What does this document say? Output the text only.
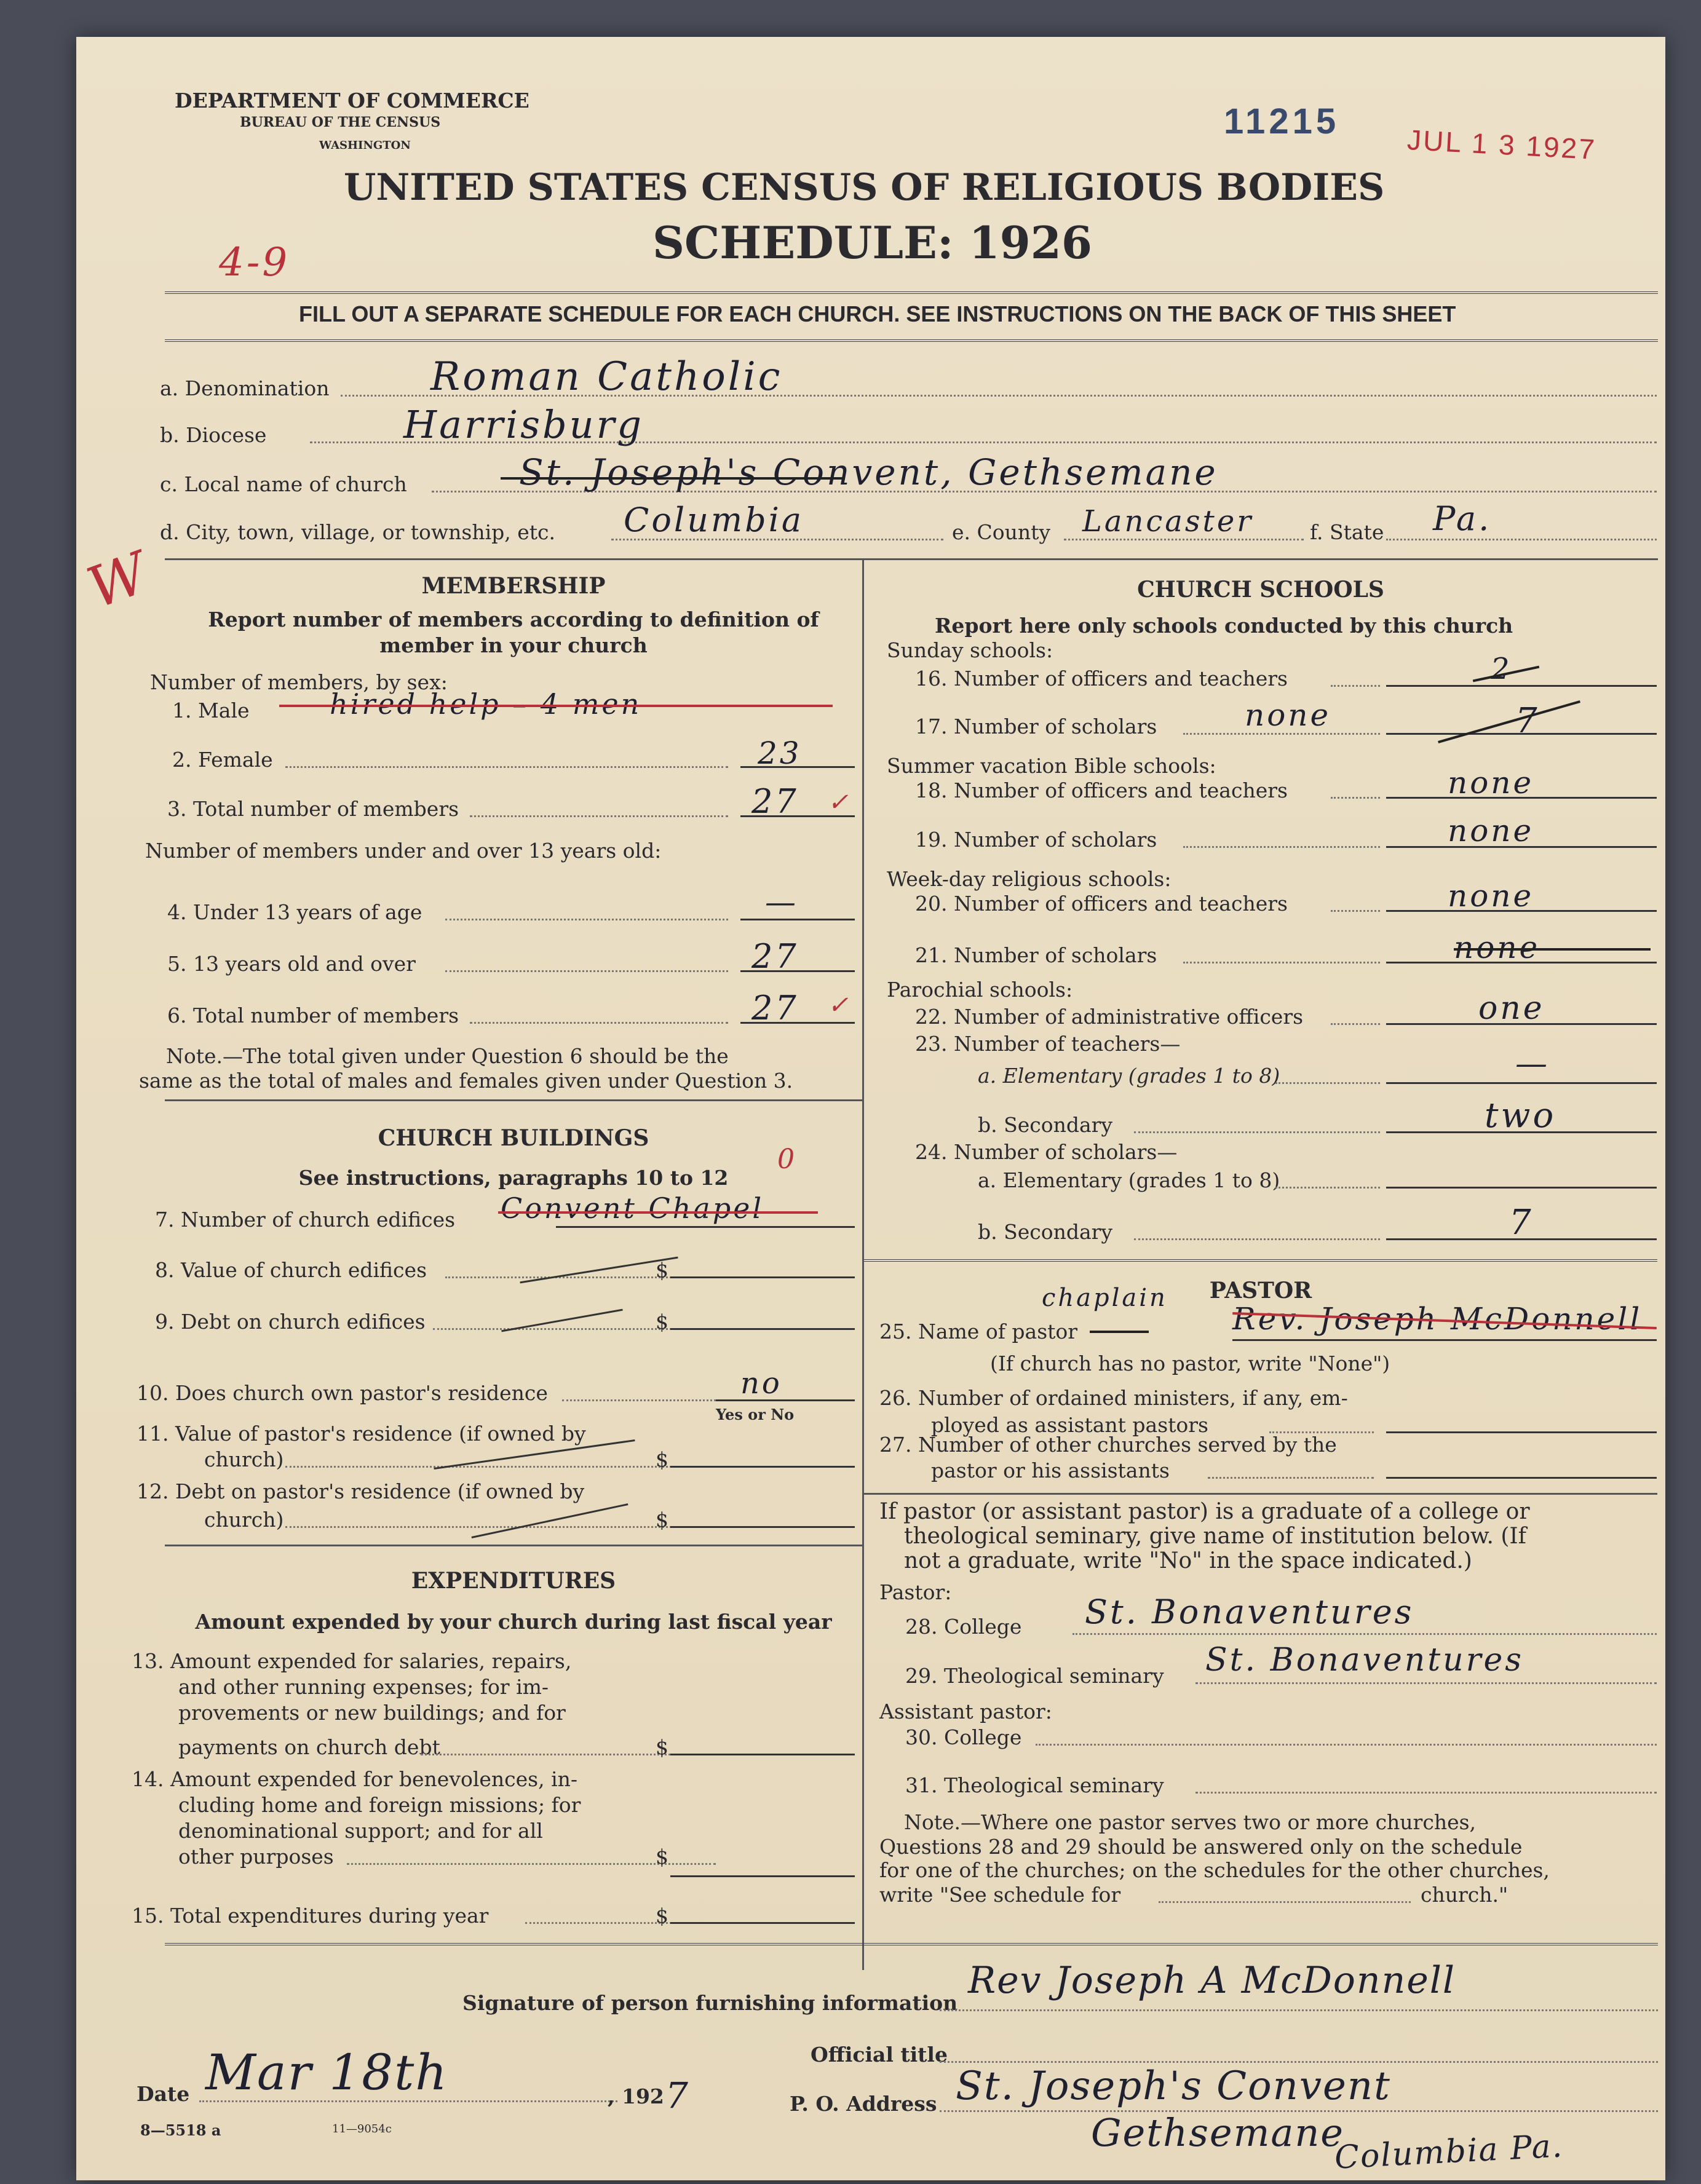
DEPARTMENT OF COMMERCE
BUREAU OF THE CENSUS
WASHINGTON
11215
JUL 1 3 1927
UNITED STATES CENSUS OF RELIGIOUS BODIES
SCHEDULE: 1926
4-9
FILL OUT A SEPARATE SCHEDULE FOR EACH CHURCH. SEE INSTRUCTIONS ON THE BACK OF THIS SHEET
a. Denomination	Roman Catholic
b. Diocese	Harrisburg
c. Local name of church	St. Joseph's Convent, Gethsemane
d. City, town, village, or township, etc. Columbia	e. County Lancaster	f. State Pa.
W	MEMBERSHIP
Report number of members according to definition of
member in your church
Number of members, by sex:
1. Male	hired help – 4 men
2. Female	23
3. Total number of members	27 ✓
Number of members under and over 13 years old:
4. Under 13 years of age	—
5. 13 years old and over	27
6. Total number of members	27 ✓
Note.—The total given under Question 6 should be the
same as the total of males and females given under Question 3.
CHURCH BUILDINGS
See instructions, paragraphs 10 to 12
0
7. Number of church edifices Convent Chapel
8. Value of church edifices	$
9. Debt on church edifices	$
10. Does church own pastor's residence	no
Yes or No
11. Value of pastor's residence (if owned by
church)	$
12. Debt on pastor's residence (if owned by
church)	$
EXPENDITURES
Amount expended by your church during last fiscal year
13. Amount expended for salaries, repairs,
and other running expenses; for im-
provements or new buildings; and for
payments on church debt	$
14. Amount expended for benevolences, in-
cluding home and foreign missions; for
denominational support; and for all
other purposes	$
15. Total expenditures during year	$
CHURCH SCHOOLS
Report here only schools conducted by this church
Sunday schools:
16. Number of officers and teachers	2
17. Number of scholars	none	7
Summer vacation Bible schools:
18. Number of officers and teachers	none
19. Number of scholars	none
Week-day religious schools:
20. Number of officers and teachers	none
21. Number of scholars	none
Parochial schools:
22. Number of administrative officers	one
23. Number of teachers—
a. Elementary (grades 1 to 8)	—
b. Secondary	two
24. Number of scholars—
a. Elementary (grades 1 to 8)
b. Secondary	7
PASTOR
chaplain
25. Name of pastor	Rev. Joseph McDonnell
(If church has no pastor, write "None")
26. Number of ordained ministers, if any, em-
ployed as assistant pastors
27. Number of other churches served by the
pastor or his assistants
If pastor (or assistant pastor) is a graduate of a college or
theological seminary, give name of institution below. (If
not a graduate, write "No" in the space indicated.)
Pastor:
28. College St. Bonaventures
29. Theological seminary St. Bonaventures
Assistant pastor:
30. College
31. Theological seminary
Note.—Where one pastor serves two or more churches,
Questions 28 and 29 should be answered only on the schedule
for one of the churches; on the schedules for the other churches,
write "See schedule for	church."
Signature of person furnishing information
Rev Joseph A McDonnell
Official title
Date Mar 18th	, 192 7	P. O. Address St. Joseph's Convent
Gethsemane
Columbia Pa.
8—5518 a	11—9054c
